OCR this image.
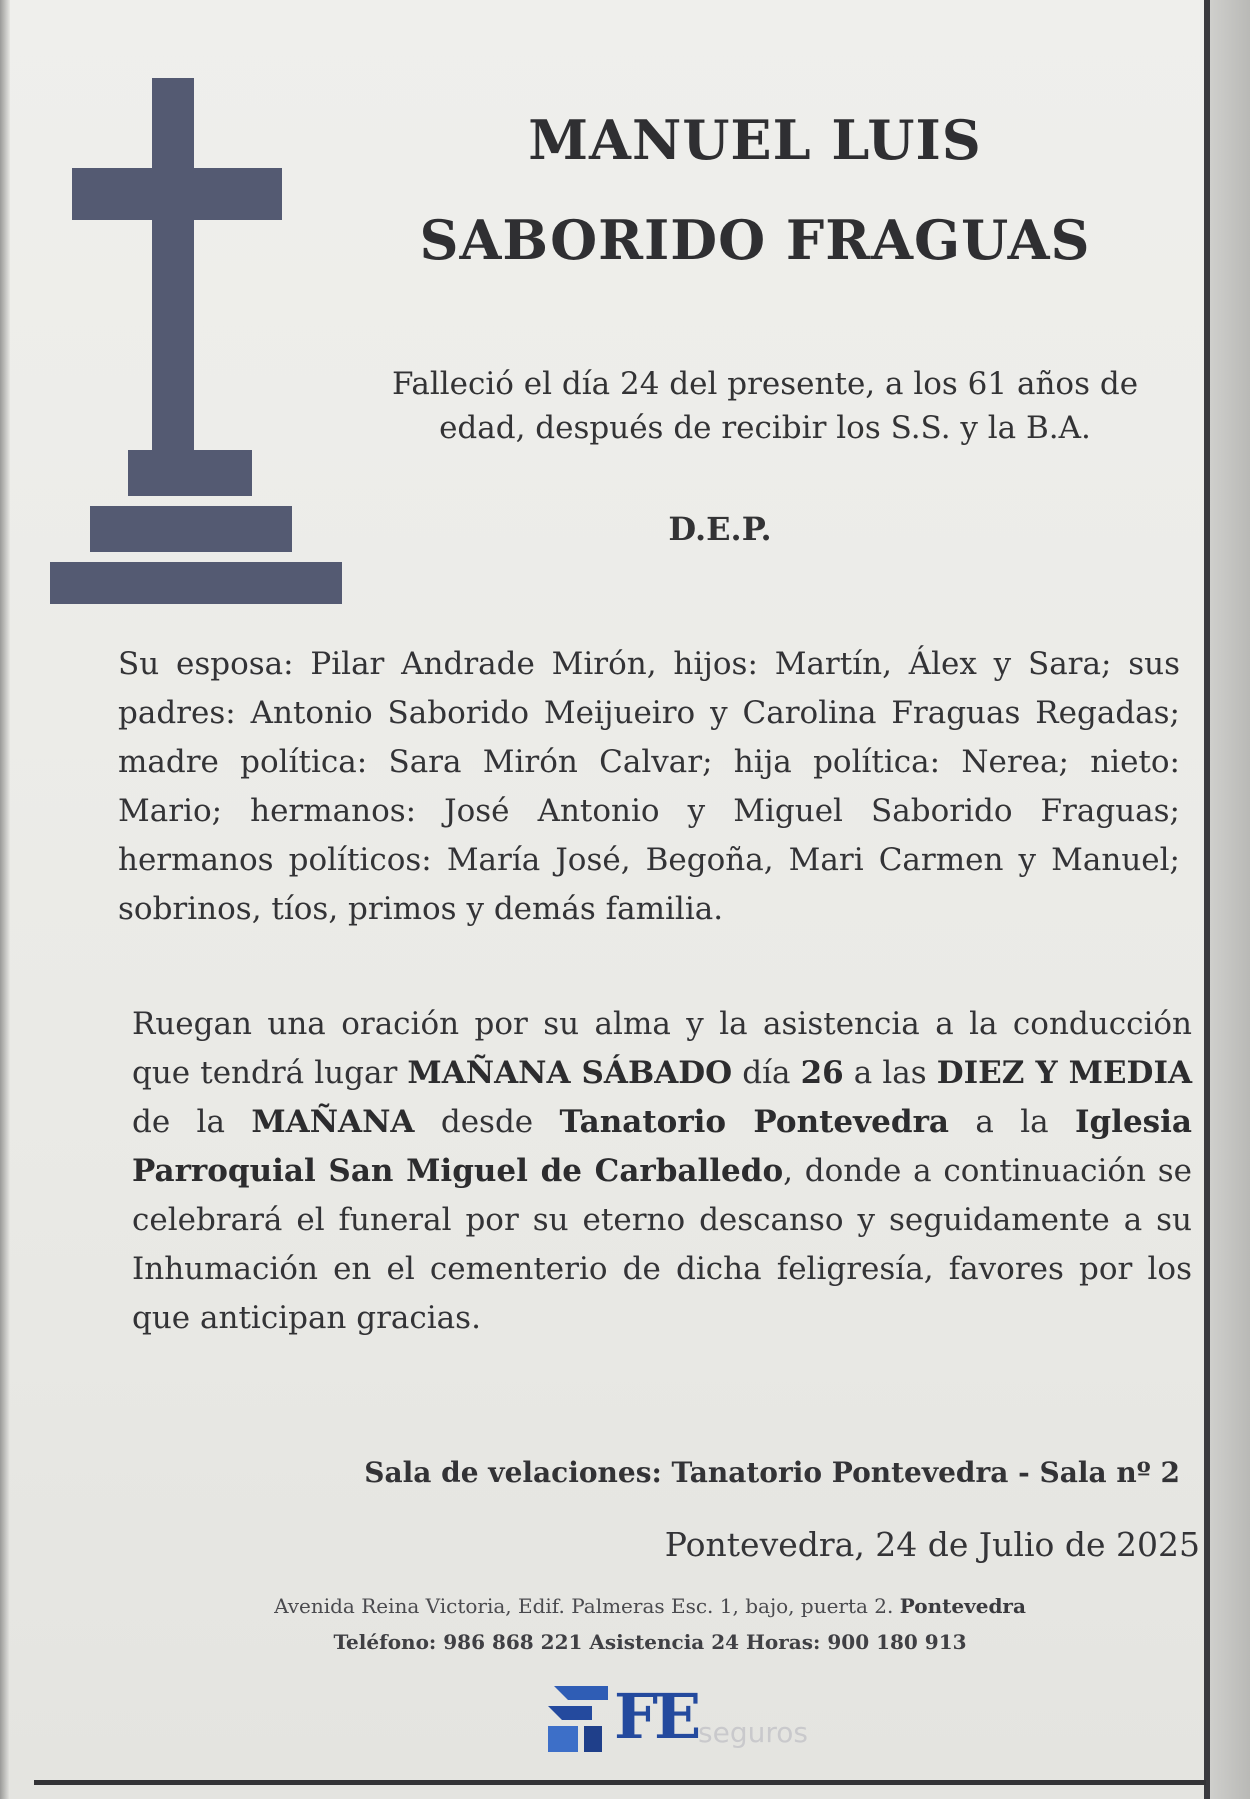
MANUEL LUIS
SABORIDO FRAGUAS
Falleció el día 24 del presente, a los 61 años de edad, después de recibir los S.S. y la B.A.
D.E.P.
Su esposa: Pilar Andrade Mirón, hijos: Martín, Álex y Sara; sus padres: Antonio Saborido Meijueiro y Carolina Fraguas Regadas; madre política: Sara Mirón Calvar; hija política: Nerea; nieto: Mario; hermanos: José Antonio y Miguel Saborido Fraguas; hermanos políticos: María José, Begoña, Mari Carmen y Manuel; sobrinos, tíos, primos y demás familia.
Ruegan una oración por su alma y la asistencia a la conducción que tendrá lugar MAÑANA SÁBADO día 26 a las DIEZ Y MEDIA de la MAÑANA desde Tanatorio Pontevedra a la Iglesia Parroquial San Miguel de Carballedo, donde a continuación se celebrará el funeral por su eterno descanso y seguidamente a su Inhumación en el cementerio de dicha feligresía, favores por los que anticipan gracias.
Sala de velaciones: Tanatorio Pontevedra - Sala nº 2
Pontevedra, 24 de Julio de 2025
Avenida Reina Victoria, Edif. Palmeras Esc. 1, bajo, puerta 2. Pontevedra
Teléfono: 986 868 221 Asistencia 24 Horas: 900 180 913
FE seguros
